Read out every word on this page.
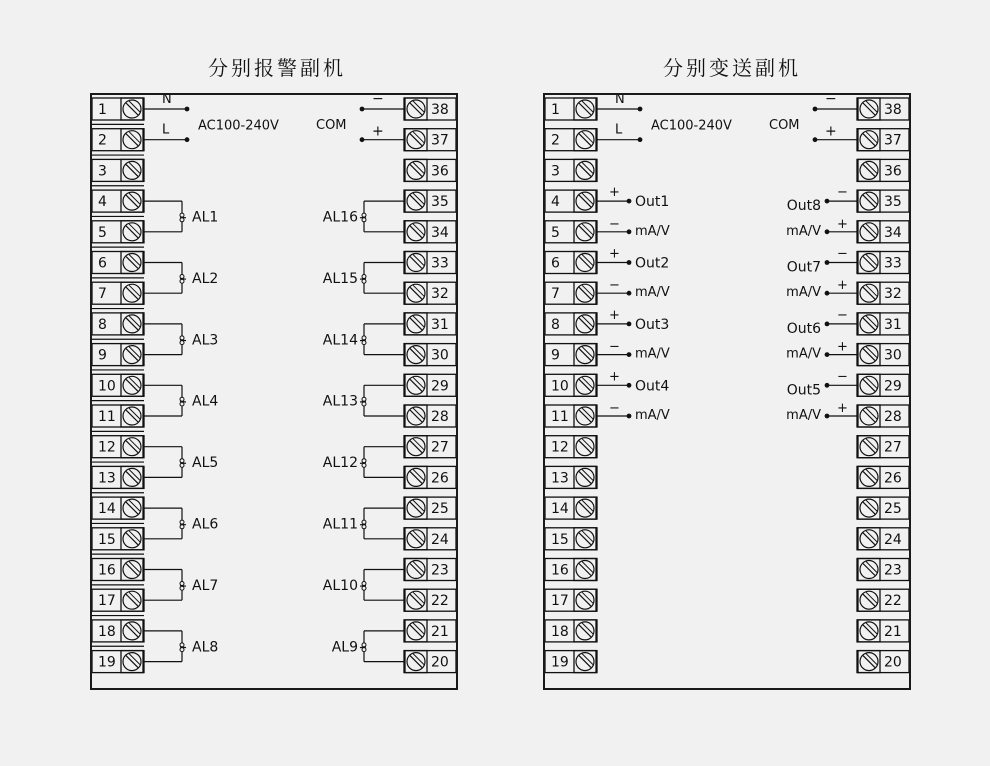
分别报警副机	分别变送副机
1
2
3
4
5
6
7
8
9
10
11
12
13
14
15
16
17
18
19
38
37
36
35
34
33
32
31
30
29
28
27
26
25
24
23
22
21
20
N
L AC100-240V
−
+
COM
AL1	AL16
AL2	AL15
AL3	AL14
AL4	AL13
AL5	AL12
AL6	AL11
AL7	AL10
AL8	AL9
1
2
3
4
5
6
7
8
9
10
11
12
13
14
15
16
17
18
19
38
37
36
35
34
33
32
31
30
29
28
27
26
25
24
23
22
21
20
N
L AC100-240V
−
+
COM
+
Out1
− mA/V
−
Out8
+
mA/V
+
Out2
− mA/V
−
Out7
+
mA/V
+
Out3
− mA/V
−
Out6
+
mA/V
+
Out4
− mA/V
−
Out5
+
mA/V
